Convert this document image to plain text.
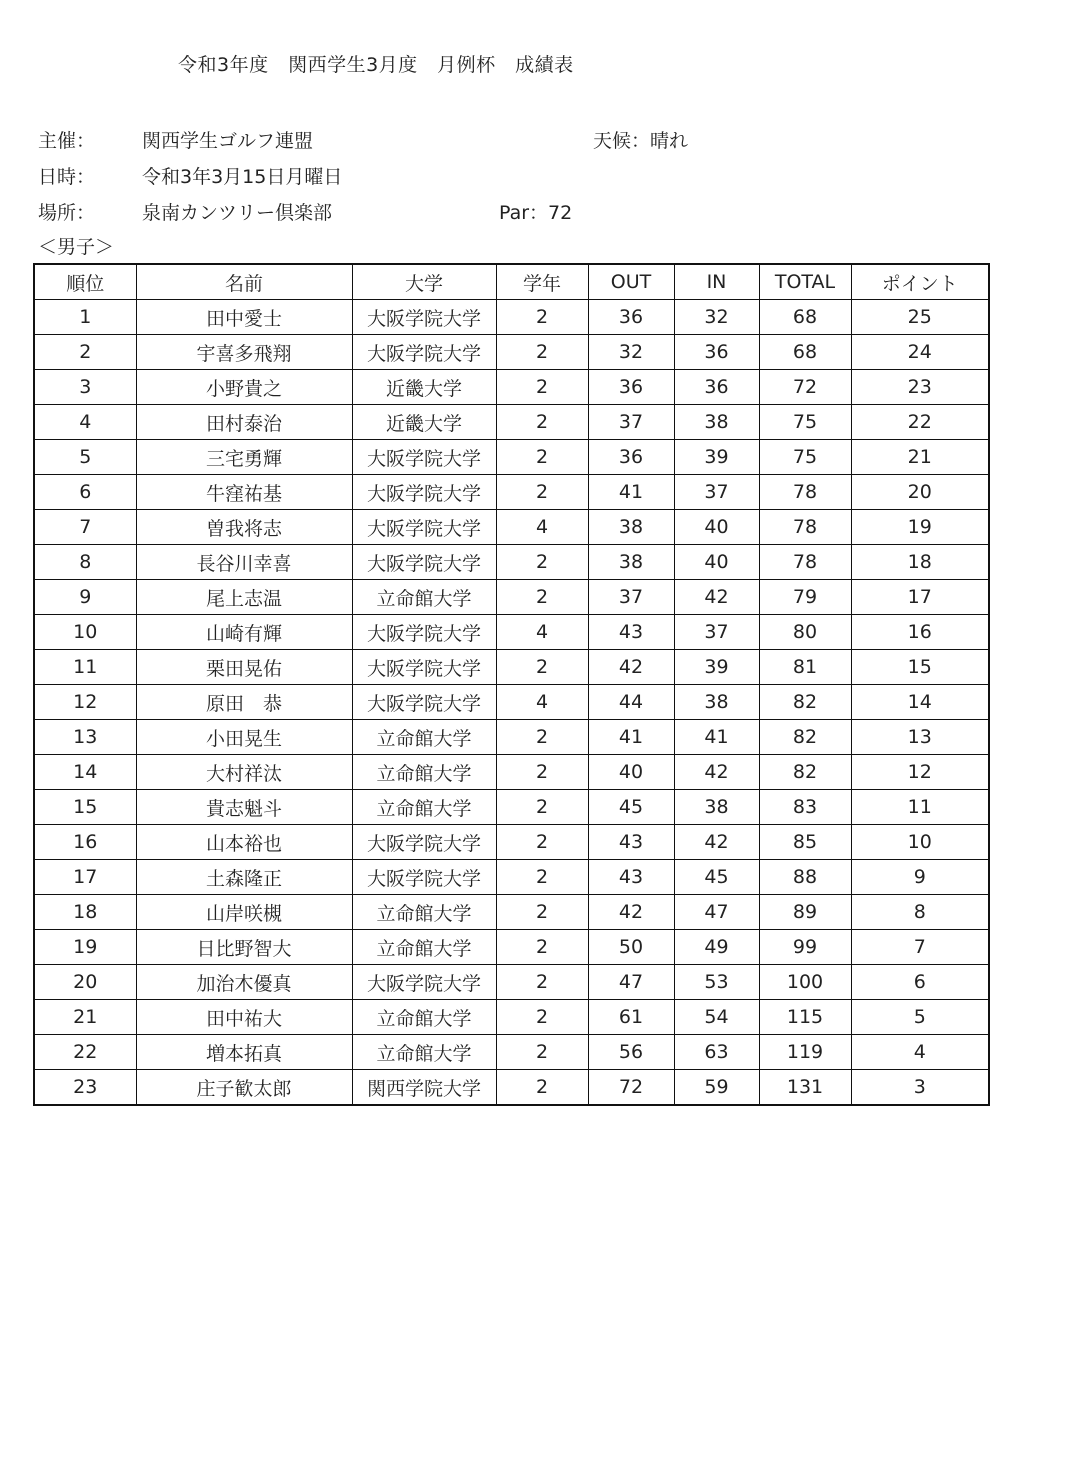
令和3年度　関西学生3月度　月例杯　成績表
主催： 関西学生ゴルフ連盟	天候：晴れ
日時： 令和3年3月15日月曜日
場所： 泉南カンツリー倶楽部	Par：72
＜男子＞
順位	名前	大学	学年	OUT	IN	TOTAL	ポイント
1	田中愛士	大阪学院大学	2	36	32	68	25
2	宇喜多飛翔	大阪学院大学	2	32	36	68	24
3	小野貴之	近畿大学	2	36	36	72	23
4	田村泰治	近畿大学	2	37	38	75	22
5	三宅勇輝	大阪学院大学	2	36	39	75	21
6	牛窪祐基	大阪学院大学	2	41	37	78	20
7	曽我将志	大阪学院大学	4	38	40	78	19
8	長谷川幸喜	大阪学院大学	2	38	40	78	18
9	尾上志温	立命館大学	2	37	42	79	17
10	山崎有輝	大阪学院大学	4	43	37	80	16
11	栗田晃佑	大阪学院大学	2	42	39	81	15
12	原田　恭	大阪学院大学	4	44	38	82	14
13	小田晃生	立命館大学	2	41	41	82	13
14	大村祥汰	立命館大学	2	40	42	82	12
15	貴志魁斗	立命館大学	2	45	38	83	11
16	山本裕也	大阪学院大学	2	43	42	85	10
17	土森隆正	大阪学院大学	2	43	45	88	9
18	山岸咲槻	立命館大学	2	42	47	89	8
19	日比野智大	立命館大学	2	50	49	99	7
20	加治木優真	大阪学院大学	2	47	53	100	6
21	田中祐大	立命館大学	2	61	54	115	5
22	増本拓真	立命館大学	2	56	63	119	4
23	庄子歓太郎	関西学院大学	2	72	59	131	3
